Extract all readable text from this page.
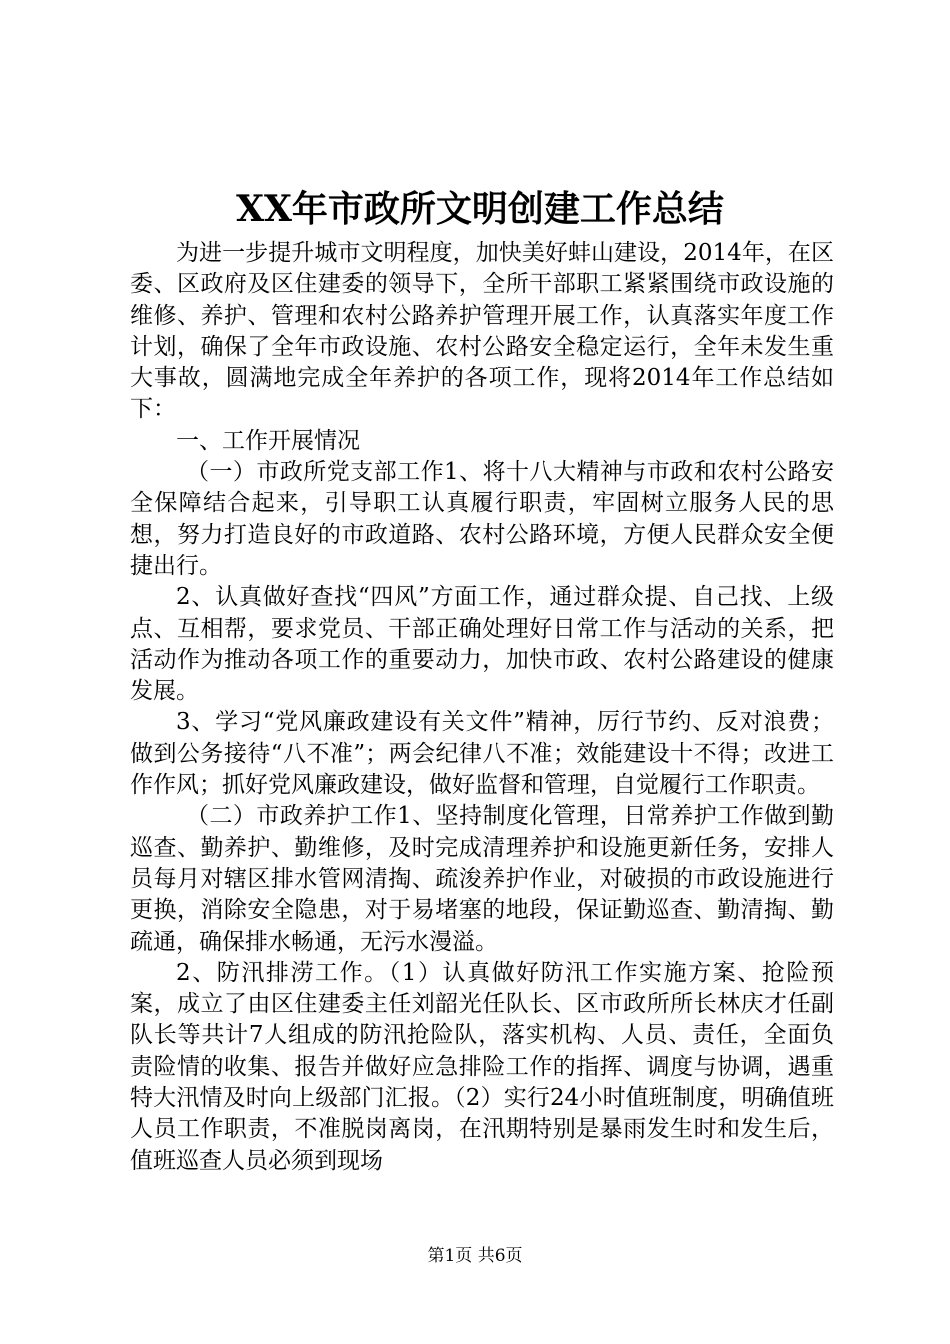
XX年市政所文明创建工作总结

为进一步提升城市文明程度，加快美好蚌山建设，2014年，在区委、区政府及区住建委的领导下，全所干部职工紧紧围绕市政设施的维修、养护、管理和农村公路养护管理开展工作，认真落实年度工作计划，确保了全年市政设施、农村公路安全稳定运行，全年未发生重大事故，圆满地完成全年养护的各项工作，现将2014年工作总结如下：

一、工作开展情况

（一）市政所党支部工作1、将十八大精神与市政和农村公路安全保障结合起来，引导职工认真履行职责，牢固树立服务人民的思想，努力打造良好的市政道路、农村公路环境，方便人民群众安全便捷出行。

2、认真做好查找“四风”方面工作，通过群众提、自己找、上级点、互相帮，要求党员、干部正确处理好日常工作与活动的关系，把活动作为推动各项工作的重要动力，加快市政、农村公路建设的健康发展。

3、学习“党风廉政建设有关文件”精神，厉行节约、反对浪费；做到公务接待“八不准”；两会纪律八不准；效能建设十不得；改进工作作风；抓好党风廉政建设，做好监督和管理，自觉履行工作职责。

（二）市政养护工作1、坚持制度化管理，日常养护工作做到勤巡查、勤养护、勤维修，及时完成清理养护和设施更新任务，安排人员每月对辖区排水管网清掏、疏浚养护作业，对破损的市政设施进行更换，消除安全隐患，对于易堵塞的地段，保证勤巡查、勤清掏、勤疏通，确保排水畅通，无污水漫溢。

2、防汛排涝工作。（1）认真做好防汛工作实施方案、抢险预案，成立了由区住建委主任刘韶光任队长、区市政所所长林庆才任副队长等共计7人组成的防汛抢险队，落实机构、人员、责任，全面负责险情的收集、报告并做好应急排险工作的指挥、调度与协调，遇重特大汛情及时向上级部门汇报。（2）实行24小时值班制度，明确值班人员工作职责，不准脱岗离岗，在汛期特别是暴雨发生时和发生后，值班巡查人员必须到现场

第1页 共6页
